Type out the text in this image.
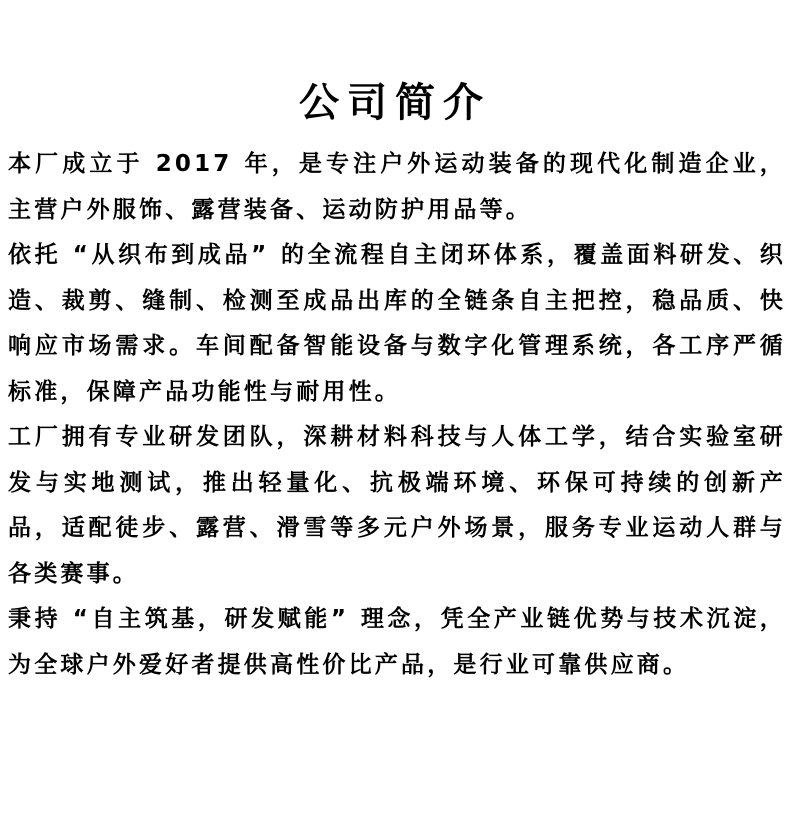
公司简介

本厂成立于 2017 年，是专注户外运动装备的现代化制造企业，主营户外服饰、露营装备、运动防护用品等。

依托 “从织布到成品” 的全流程自主闭环体系，覆盖面料研发、织造、裁剪、缝制、检测至成品出库的全链条自主把控，稳品质、快响应市场需求。车间配备智能设备与数字化管理系统，各工序严循标准，保障产品功能性与耐用性。

工厂拥有专业研发团队，深耕材料科技与人体工学，结合实验室研发与实地测试，推出轻量化、抗极端环境、环保可持续的创新产品，适配徒步、露营、滑雪等多元户外场景，服务专业运动人群与各类赛事。

秉持 “自主筑基，研发赋能” 理念，凭全产业链优势与技术沉淀，为全球户外爱好者提供高性价比产品，是行业可靠供应商。
